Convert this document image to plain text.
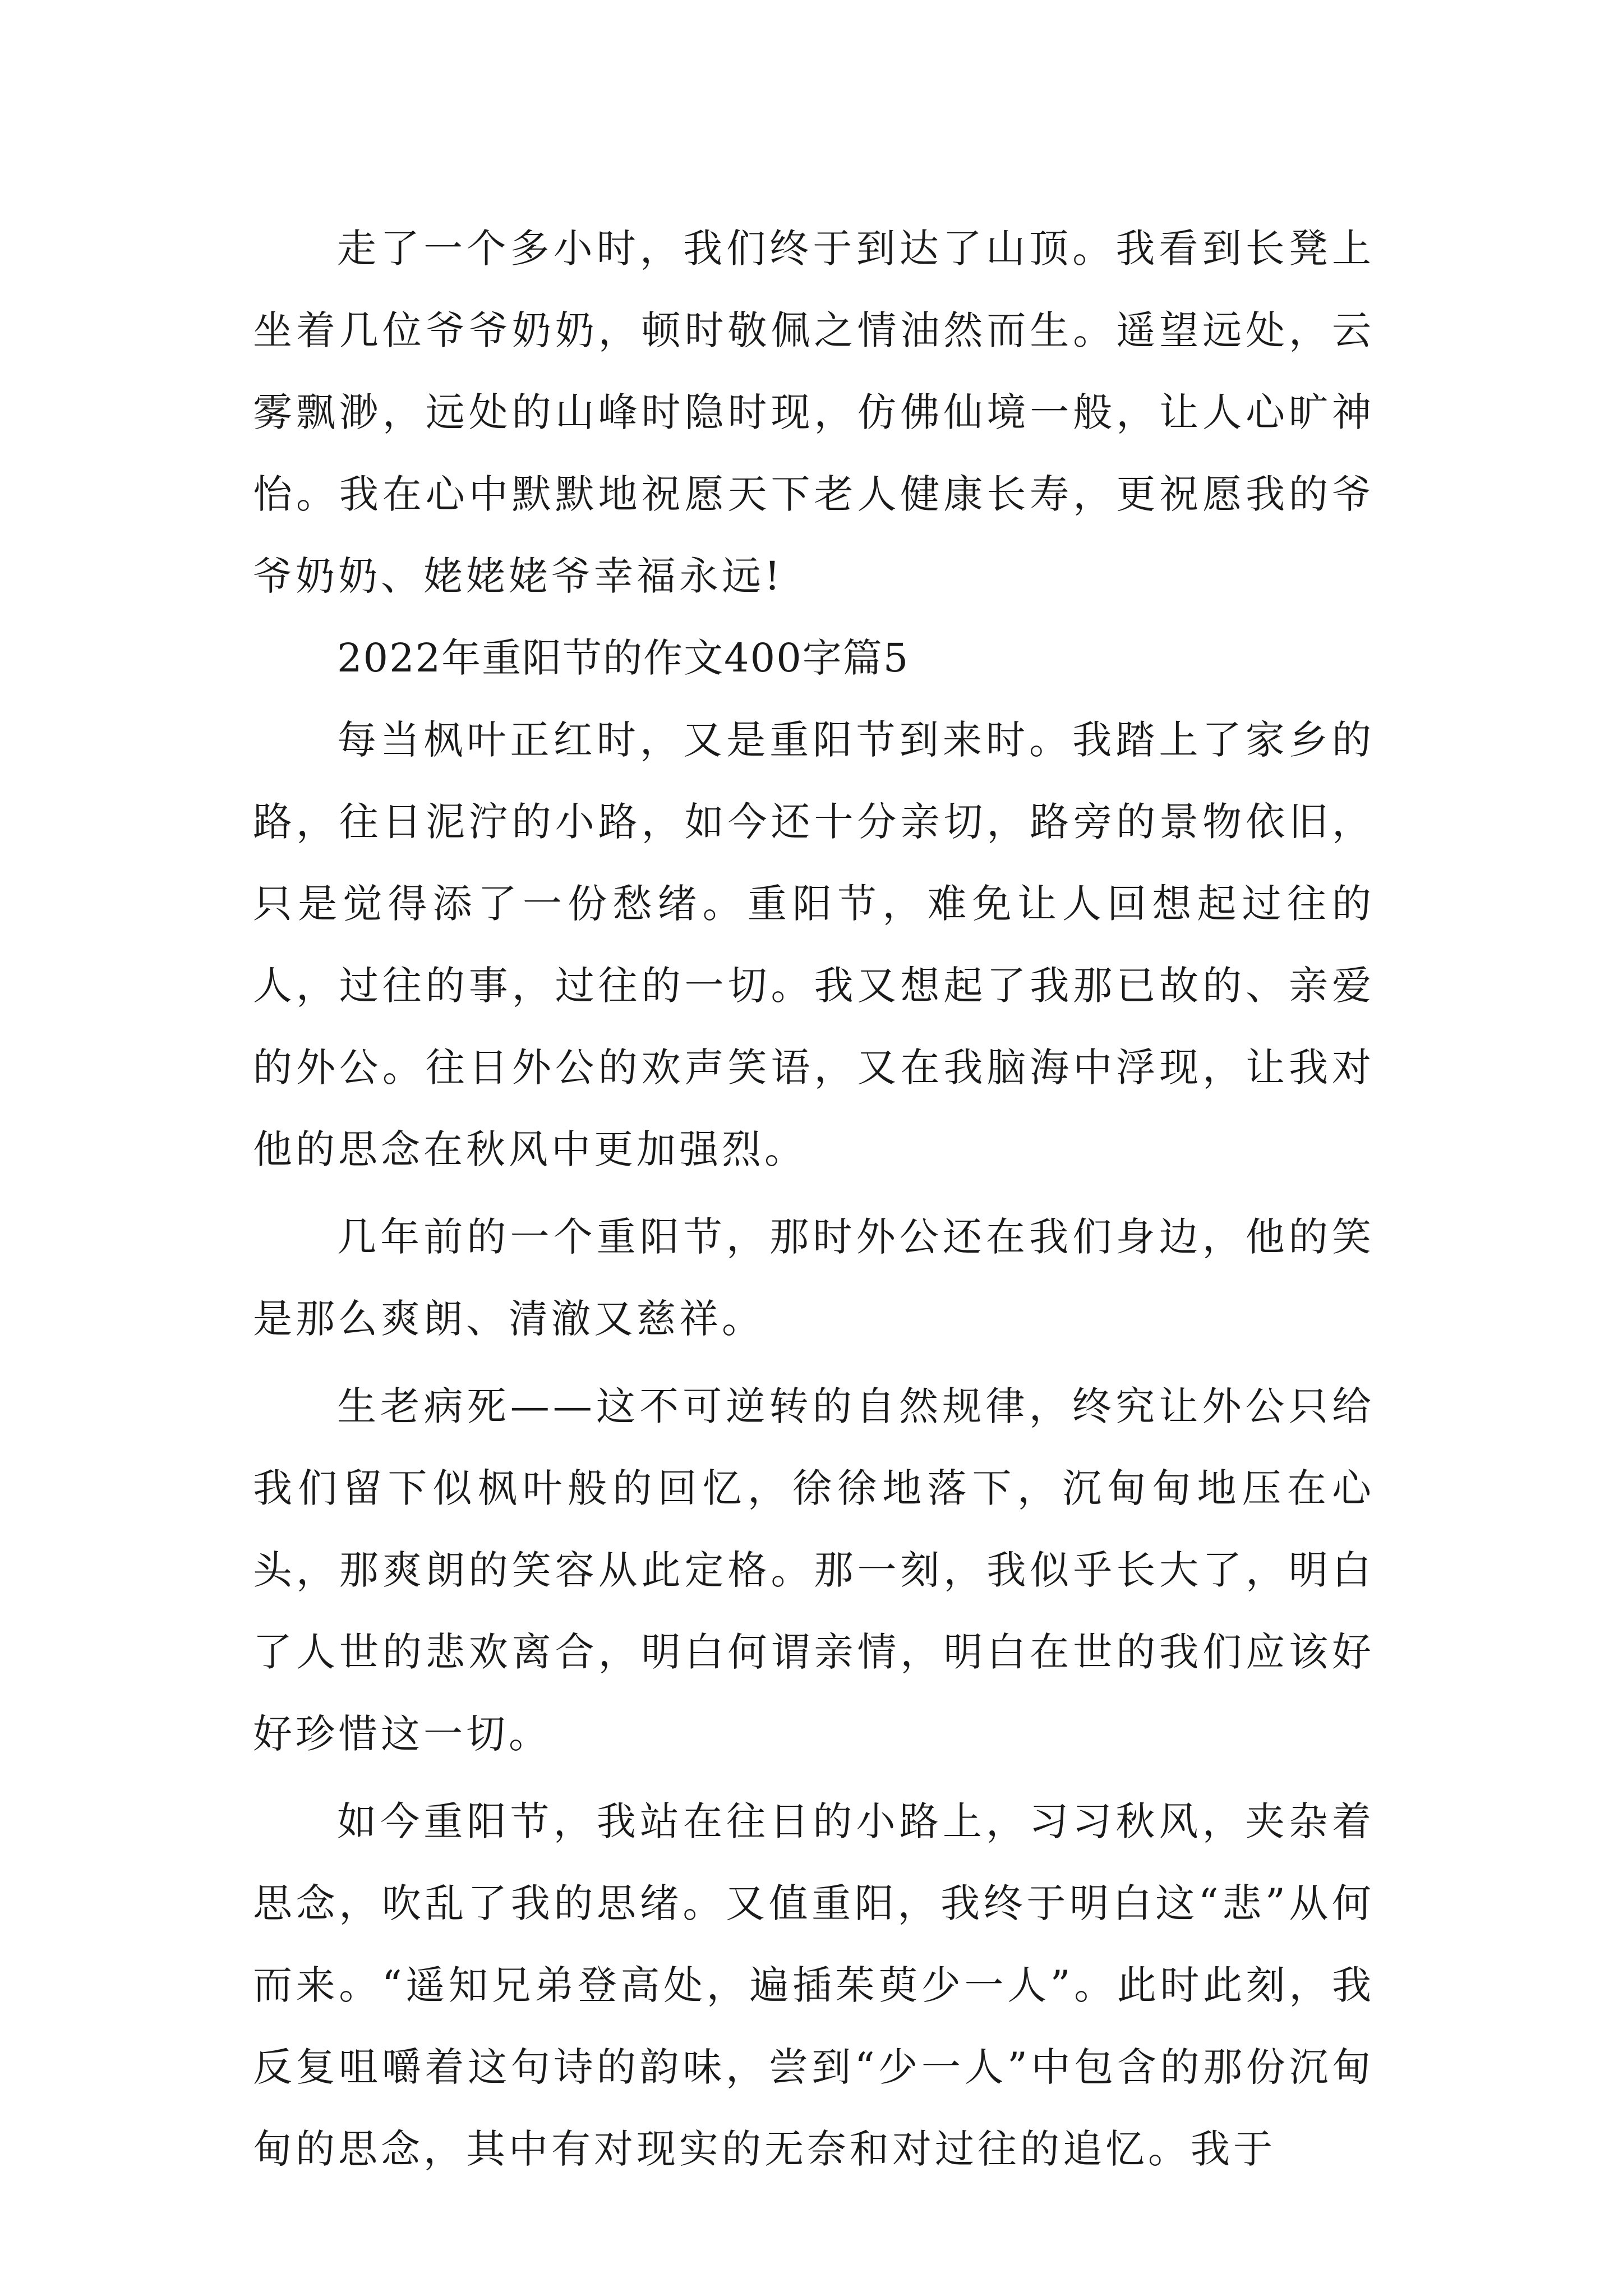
走了一个多小时，我们终于到达了山顶。我看到长凳上坐着几位爷爷奶奶，顿时敬佩之情油然而生。遥望远处，云雾飘渺，远处的山峰时隐时现，仿佛仙境一般，让人心旷神怡。我在心中默默地祝愿天下老人健康长寿，更祝愿我的爷爷奶奶、姥姥姥爷幸福永远!

2022年重阳节的作文400字篇5

每当枫叶正红时，又是重阳节到来时。我踏上了家乡的路，往日泥泞的小路，如今还十分亲切，路旁的景物依旧，只是觉得添了一份愁绪。重阳节，难免让人回想起过往的人，过往的事，过往的一切。我又想起了我那已故的、亲爱的外公。往日外公的欢声笑语，又在我脑海中浮现，让我对他的思念在秋风中更加强烈。

几年前的一个重阳节，那时外公还在我们身边，他的笑是那么爽朗、清澈又慈祥。

生老病死——这不可逆转的自然规律，终究让外公只给我们留下似枫叶般的回忆，徐徐地落下，沉甸甸地压在心头，那爽朗的笑容从此定格。那一刻，我似乎长大了，明白了人世的悲欢离合，明白何谓亲情，明白在世的我们应该好好珍惜这一切。

如今重阳节，我站在往日的小路上，习习秋风，夹杂着思念，吹乱了我的思绪。又值重阳，我终于明白这“悲”从何而来。“遥知兄弟登高处，遍插茱萸少一人”。此时此刻，我反复咀嚼着这句诗的韵味，尝到“少一人”中包含的那份沉甸甸的思念，其中有对现实的无奈和对过往的追忆。我于
